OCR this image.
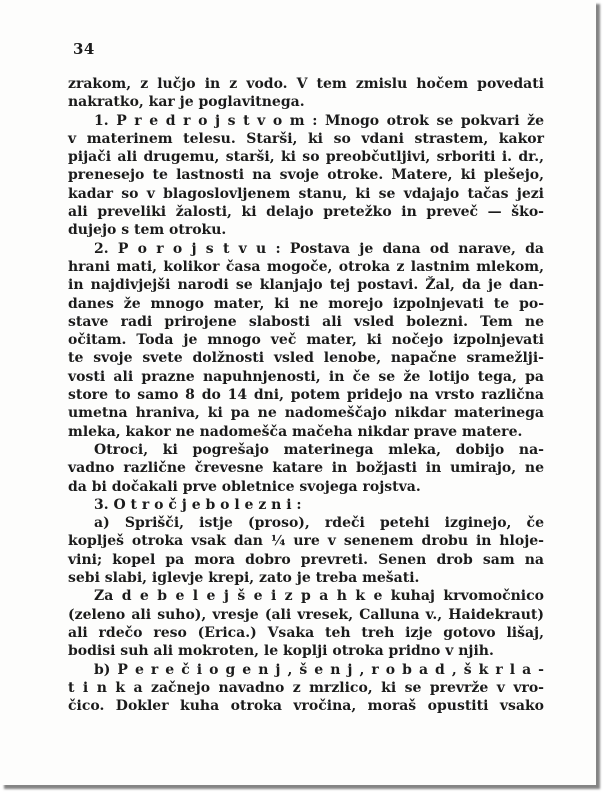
34
zrakom, z lučjo in z vodo. V tem zmislu hočem povedati
nakratko, kar je poglavitnega.
1. P r e d r o j s t v o m : Mnogo otrok se pokvari že
v materinem telesu. Starši, ki so vdani strastem, kakor
pijači ali drugemu, starši, ki so preobčutljivi, srboriti i. dr.,
prenesejo te lastnosti na svoje otroke. Matere, ki plešejo,
kadar so v blagoslovljenem stanu, ki se vdajajo tačas jezi
ali preveliki žalosti, ki delajo pretežko in preveč — ško-
dujejo s tem otroku.
2. P o r o j s t v u : Postava je dana od narave, da
hrani mati, kolikor časa mogoče, otroka z lastnim mlekom,
in najdivjejši narodi se klanjajo tej postavi. Žal, da je dan-
danes že mnogo mater, ki ne morejo izpolnjevati te po-
stave radi prirojene slabosti ali vsled bolezni. Tem ne
očitam. Toda je mnogo več mater, ki nočejo izpolnjevati
te svoje svete dolžnosti vsled lenobe, napačne sramežlji-
vosti ali prazne napuhnjenosti, in če se že lotijo tega, pa
store to samo 8 do 14 dni, potem pridejo na vrsto različna
umetna hraniva, ki pa ne nadomeščajo nikdar materinega
mleka, kakor ne nadomešča mačeha nikdar prave matere.
Otroci, ki pogrešajo materinega mleka, dobijo na-
vadno različne črevesne katare in božjasti in umirajo, ne
da bi dočakali prve obletnice svojega rojstva.
3. O t r o č j e b o l e z n i :
a) Sprišči, istje (proso), rdeči petehi izginejo, če
koplješ otroka vsak dan ¼ ure v senenem drobu in hloje-
vini; kopel pa mora dobro prevreti. Senen drob sam na
sebi slabi, iglevje krepi, zato je treba mešati.
Za d e b e l e j š e i z p a h k e kuhaj krvomočnico
(zeleno ali suho), vresje (ali vresek, Calluna v., Haidekraut)
ali rdečo reso (Erica.) Vsaka teh treh izje gotovo lišaj,
bodisi suh ali mokroten, le koplji otroka pridno v njih.
b) P e r e č i o g e n j , š e n j , r o b a d , š k r l a -
t i n k a začnejo navadno z mrzlico, ki se prevrže v vro-
čico. Dokler kuha otroka vročina, moraš opustiti vsako
